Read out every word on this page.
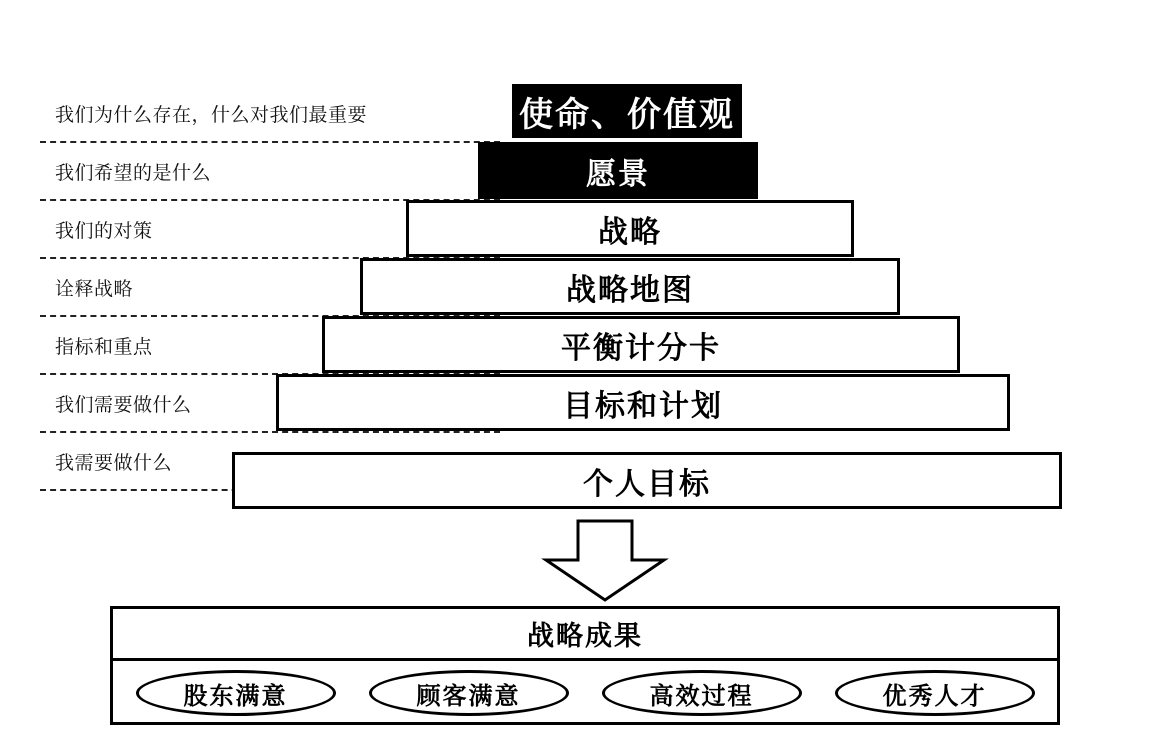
我们为什么存在，什么对我们最重要
我们希望的是什么
我们的对策
诠释战略
指标和重点
我们需要做什么
我需要做什么
使命、价值观
愿景
战略
战略地图
平衡计分卡
目标和计划
个人目标
战略成果
股东满意	顾客满意	高效过程	优秀人才
